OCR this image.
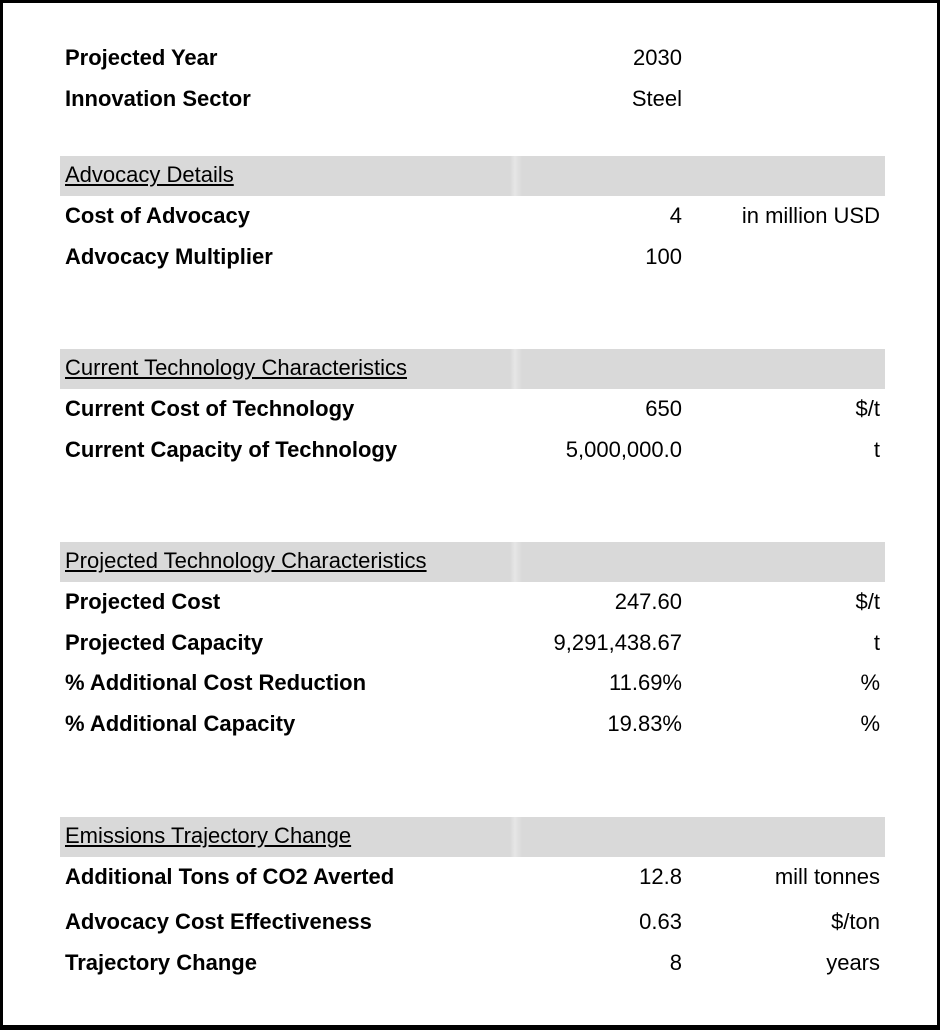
Projected Year	2030
Innovation Sector	Steel
Advocacy Details
Cost of Advocacy	4	in million USD
Advocacy Multiplier	100
Current Technology Characteristics
Current Cost of Technology	650	$/t
Current Capacity of Technology	5,000,000.0	t
Projected Technology Characteristics
Projected Cost	247.60	$/t
Projected Capacity	9,291,438.67	t
% Additional Cost Reduction	11.69%	%
% Additional Capacity	19.83%	%
Emissions Trajectory Change
Additional Tons of CO2 Averted	12.8	mill tonnes
Advocacy Cost Effectiveness	0.63	$/ton
Trajectory Change	8	years
